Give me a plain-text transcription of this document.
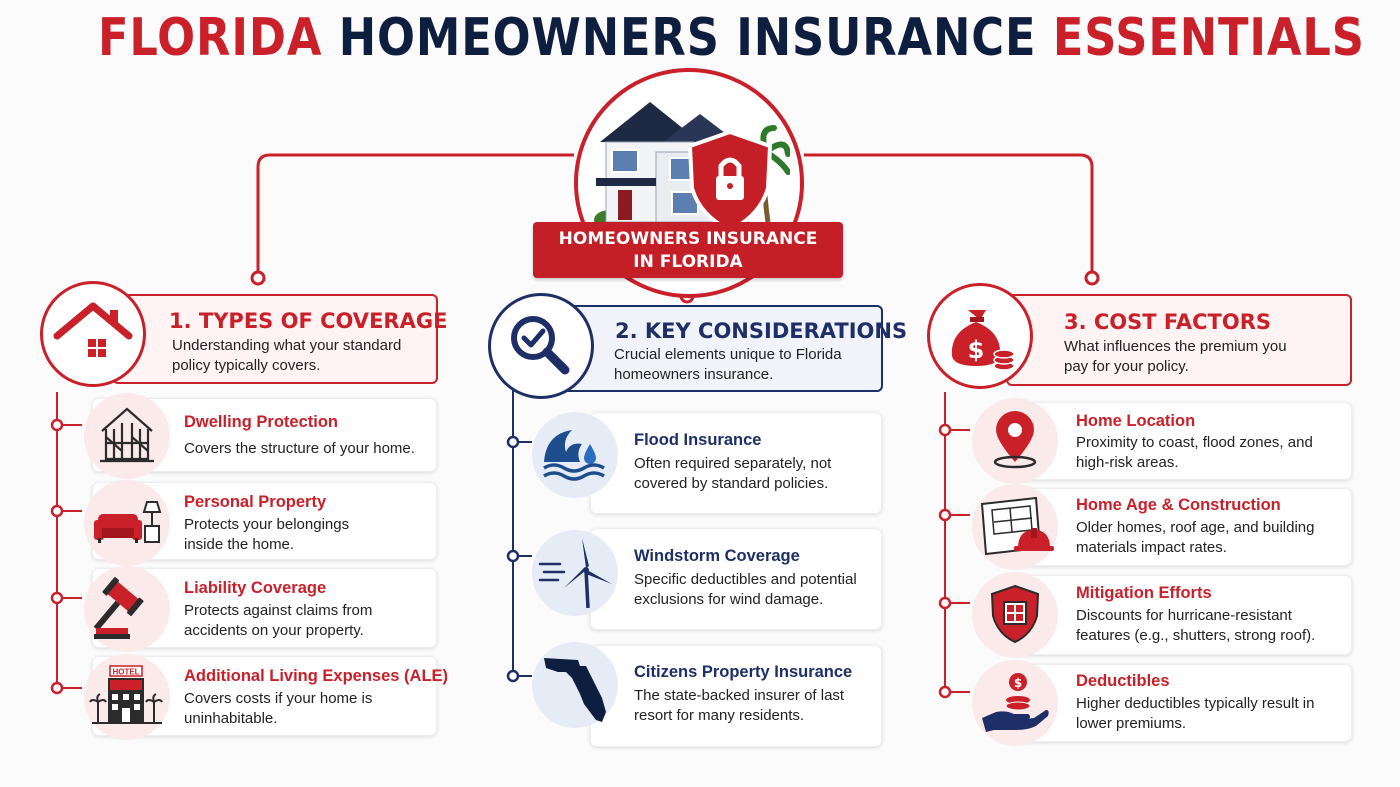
FLORIDA HOMEOWNERS INSURANCE ESSENTIALS
HOMEOWNERS INSURANCE
IN FLORIDA
1. TYPES OF COVERAGE

Understanding what your standard policy typically covers.

Dwelling Protection

Covers the structure of your home.

Personal Property

Protects your belongings inside the home.

Liability Coverage

Protects against claims from accidents on your property.

Additional Living Expenses (ALE)

Covers costs if your home is uninhabitable.

HOTEL
2. KEY CONSIDERATIONS

Crucial elements unique to Florida homeowners insurance.

Flood Insurance

Often required separately, not covered by standard policies.

Windstorm Coverage

Specific deductibles and potential exclusions for wind damage.

Citizens Property Insurance

The state-backed insurer of last resort for many residents.

3. COST FACTORS

What influences the premium you pay for your policy.

$
Home Location

Proximity to coast, flood zones, and high-risk areas.

Home Age & Construction

Older homes, roof age, and building materials impact rates.

Mitigation Efforts

Discounts for hurricane-resistant features (e.g., shutters, strong roof).

Deductibles

Higher deductibles typically result in lower premiums.

$
